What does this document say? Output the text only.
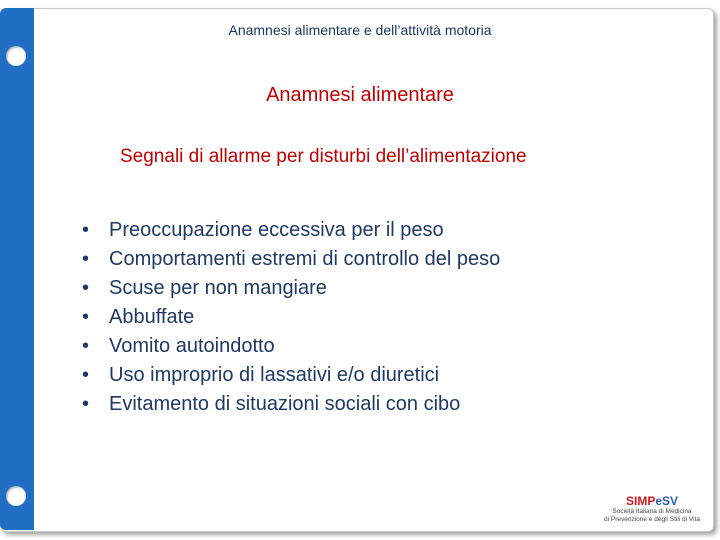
Anamnesi alimentare e dell’attività motoria
Anamnesi alimentare
Segnali di allarme per disturbi dell’alimentazione
• Preoccupazione eccessiva per il peso
• Comportamenti estremi di controllo del peso
• Scuse per non mangiare
• Abbuffate
• Vomito autoindotto
• Uso improprio di lassativi e/o diuretici
• Evitamento di situazioni sociali con cibo
SIMPeSV
Società Italiana di Medicina
di Prevenzione e degli Stili di Vita
